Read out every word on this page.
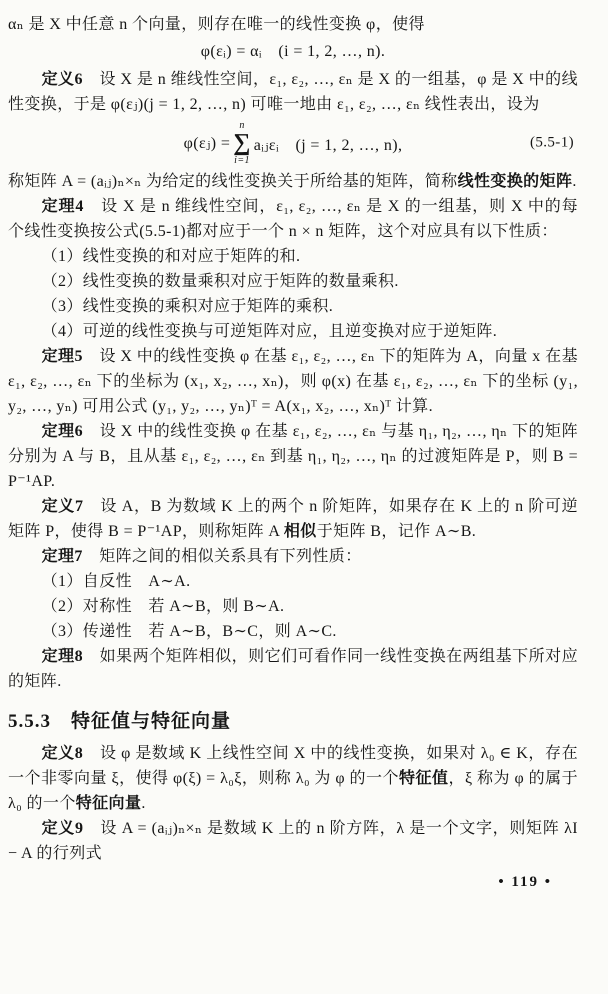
αₙ 是 X 中任意 n 个向量，则存在唯一的线性变换 φ，使得
φ(εᵢ) = αᵢ　(i = 1, 2, …, n).
定义6　设 X 是 n 维线性空间，ε₁, ε₂, …, εₙ 是 X 的一组基，φ 是 X 中的线性变换，于是 φ(εⱼ)(j = 1, 2, …, n) 可唯一地由 ε₁, ε₂, …, εₙ 线性表出，设为
φ(εⱼ) =
n
∑
i=1
aᵢⱼεᵢ　(j = 1, 2, …, n),	(5.5-1)
称矩阵 A = (aᵢⱼ)ₙ×ₙ 为给定的线性变换关于所给基的矩阵，简称线性变换的矩阵.
定理4　设 X 是 n 维线性空间，ε₁, ε₂, …, εₙ 是 X 的一组基，则 X 中的每个线性变换按公式(5.5-1)都对应于一个 n × n 矩阵，这个对应具有以下性质：
（1）线性变换的和对应于矩阵的和.
（2）线性变换的数量乘积对应于矩阵的数量乘积.
（3）线性变换的乘积对应于矩阵的乘积.
（4）可逆的线性变换与可逆矩阵对应，且逆变换对应于逆矩阵.
定理5　设 X 中的线性变换 φ 在基 ε₁, ε₂, …, εₙ 下的矩阵为 A，向量 x 在基 ε₁, ε₂, …, εₙ 下的坐标为 (x₁, x₂, …, xₙ)，则 φ(x) 在基 ε₁, ε₂, …, εₙ 下的坐标 (y₁, y₂, …, yₙ) 可用公式 (y₁, y₂, …, yₙ)ᵀ = A(x₁, x₂, …, xₙ)ᵀ 计算.
定理6　设 X 中的线性变换 φ 在基 ε₁, ε₂, …, εₙ 与基 η₁, η₂, …, ηₙ 下的矩阵分别为 A 与 B，且从基 ε₁, ε₂, …, εₙ 到基 η₁, η₂, …, ηₙ 的过渡矩阵是 P，则 B = P⁻¹AP.
定义7　设 A，B 为数域 K 上的两个 n 阶矩阵，如果存在 K 上的 n 阶可逆矩阵 P，使得 B = P⁻¹AP，则称矩阵 A 相似于矩阵 B，记作 A∼B.
定理7　矩阵之间的相似关系具有下列性质：
（1）自反性　A∼A.
（2）对称性　若 A∼B，则 B∼A.
（3）传递性　若 A∼B，B∼C，则 A∼C.
定理8　如果两个矩阵相似，则它们可看作同一线性变换在两组基下所对应的矩阵.
5.5.3　特征值与特征向量
定义8　设 φ 是数域 K 上线性空间 X 中的线性变换，如果对 λ₀ ∈ K，存在一个非零向量 ξ，使得 φ(ξ) = λ₀ξ，则称 λ₀ 为 φ 的一个特征值，ξ 称为 φ 的属于 λ₀ 的一个特征向量.
定义9　设 A = (aᵢⱼ)ₙ×ₙ 是数域 K 上的 n 阶方阵，λ 是一个文字，则矩阵 λI − A 的行列式
• 119 •
